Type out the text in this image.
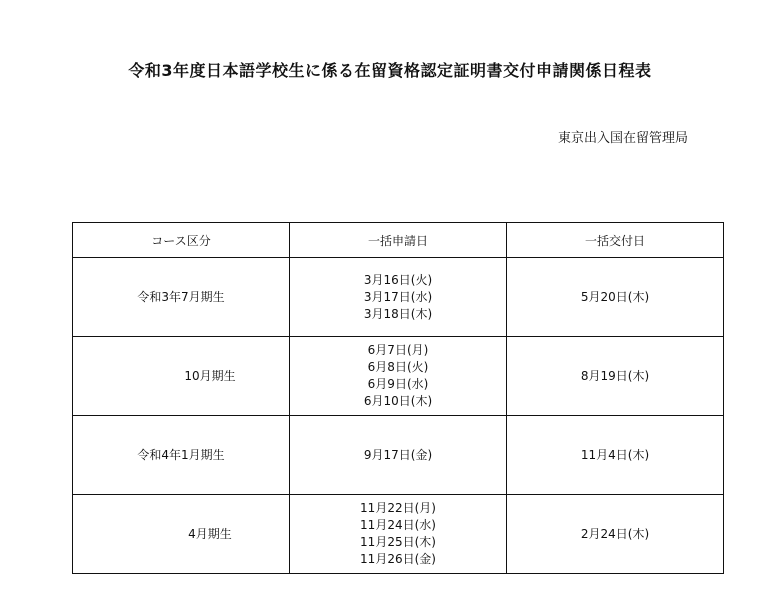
令和3年度日本語学校生に係る在留資格認定証明書交付申請関係日程表
東京出入国在留管理局
コース区分	一括申請日	一括交付日
令和3年7月期生	3月16日(火)
3月17日(水)
3月18日(木)	5月20日(木)
10月期生	6月7日(月)
6月8日(火)
6月9日(水)
6月10日(木)	8月19日(木)
令和4年1月期生	9月17日(金)	11月4日(木)
4月期生	11月22日(月)
11月24日(水)
11月25日(木)
11月26日(金)	2月24日(木)
